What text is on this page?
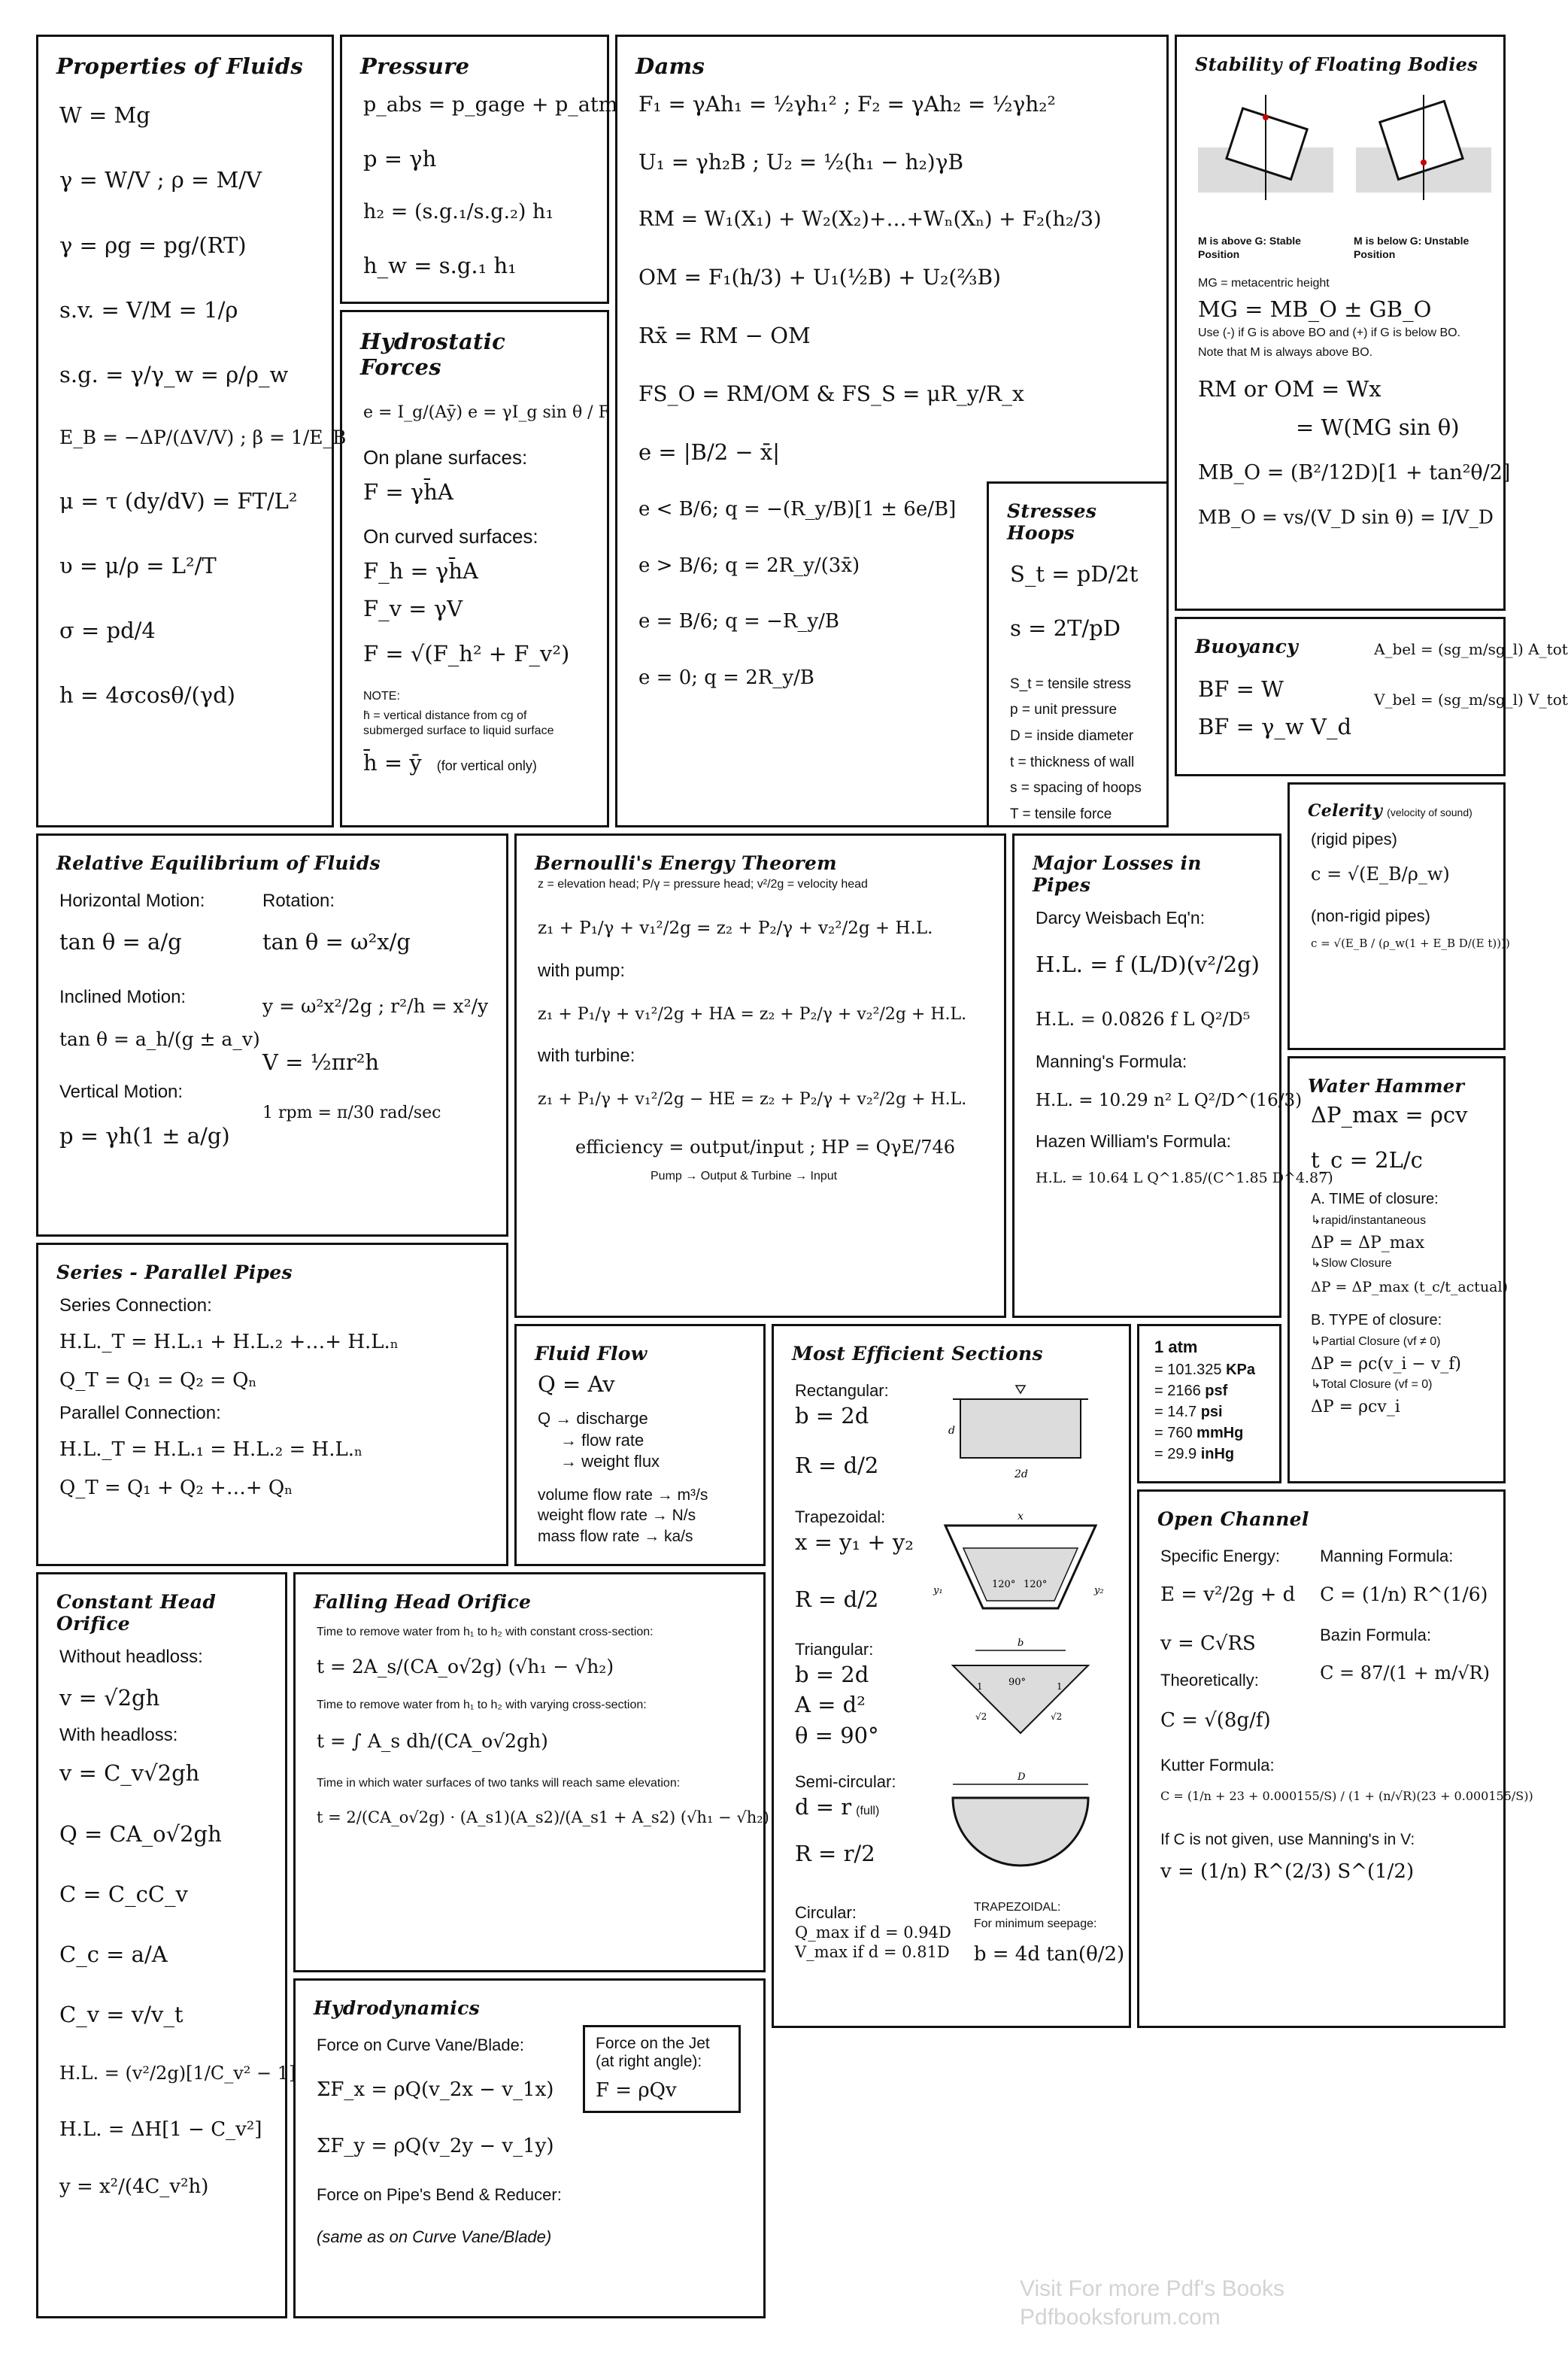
Properties of Fluids
W = Mg
γ = W/V ; ρ = M/V
γ = ρg = pg/(RT)
s.v. = V/M = 1/ρ
s.g. = γ/γ_w = ρ/ρ_w
E_B = −ΔP/(ΔV/V) ; β = 1/E_B
μ = τ (dy/dV) = FT/L²
υ = μ/ρ = L²/T
σ = pd/4
h = 4σcosθ/(γd)
Pressure
p_abs = p_gage + p_atm
p = γh
h₂ = (s.g.₁/s.g.₂) h₁
h_w = s.g.₁ h₁
Hydrostatic Forces
e = I_g/(Aȳ) e = γI_g sin θ / F
On plane surfaces:
F = γh̄A
On curved surfaces:
F_h = γh̄A
F_v = γV
F = √(F_h² + F_v²)
NOTE:
h̄ = vertical distance from cg of submerged surface to liquid surface
h̄ = ȳ (for vertical only)
Dams
F₁ = γAh₁ = ½γh₁² ; F₂ = γAh₂ = ½γh₂²
U₁ = γh₂B ; U₂ = ½(h₁ − h₂)γB
RM = W₁(X₁) + W₂(X₂)+…+Wₙ(Xₙ) + F₂(h₂/3)
OM = F₁(h/3) + U₁(½B) + U₂(⅔B)
Rx̄ = RM − OM
FS_O = RM/OM & FS_S = μR_y/R_x
e = |B/2 − x̄|
e < B/6; q = −(R_y/B)[1 ± 6e/B]
e > B/6; q = 2R_y/(3x̄)
e = B/6; q = −R_y/B
e = 0; q = 2R_y/B
Stresses Hoops
S_t = pD/2t
s = 2T/pD
S_t = tensile stress
p = unit pressure
D = inside diameter
t = thickness of wall
s = spacing of hoops
T = tensile force
Stability of Floating Bodies
M is above G: Stable Position
M is below G: Unstable Position
MG = metacentric height
MG = MB_O ± GB_O
Use (-) if G is above BO and (+) if G is below BO.
Note that M is always above BO.
RM or OM = Wx
= W(MG sin θ)
MB_O = (B²/12D)[1 + tan²θ/2]
MB_O = vs/(V_D sin θ) = I/V_D
Buoyancy
BF = W
BF = γ_w V_d
A_bel = (sg_m/sg_l) A_tot
V_bel = (sg_m/sg_l) V_tot
Celerity (velocity of sound)
(rigid pipes)
c = √(E_B/ρ_w)
(non-rigid pipes)
c = √(E_B / (ρ_w(1 + E_B D/(E t))))
Relative Equilibrium of Fluids
Horizontal Motion:
tan θ = a/g
Inclined Motion:
tan θ = a_h/(g ± a_v)
Vertical Motion:
p = γh(1 ± a/g)
Rotation:
tan θ = ω²x/g
y = ω²x²/2g ; r²/h = x²/y
V = ½πr²h
1 rpm = π/30 rad/sec
Bernoulli's Energy Theorem
z = elevation head; P/γ = pressure head; v²/2g = velocity head
z₁ + P₁/γ + v₁²/2g = z₂ + P₂/γ + v₂²/2g + H.L.
with pump:
z₁ + P₁/γ + v₁²/2g + HA = z₂ + P₂/γ + v₂²/2g + H.L.
with turbine:
z₁ + P₁/γ + v₁²/2g − HE = z₂ + P₂/γ + v₂²/2g + H.L.
efficiency = output/input ; HP = QγE/746
Pump → Output & Turbine → Input
Major Losses in Pipes
Darcy Weisbach Eq'n:
H.L. = f (L/D)(v²/2g)
H.L. = 0.0826 f L Q²/D⁵
Manning's Formula:
H.L. = 10.29 n² L Q²/D^(16/3)
Hazen William's Formula:
H.L. = 10.64 L Q^1.85/(C^1.85 D^4.87)
Water Hammer
ΔP_max = ρcv
t_c = 2L/c
A. TIME of closure:
↳rapid/instantaneous
ΔP = ΔP_max
↳Slow Closure
ΔP = ΔP_max (t_c/t_actual)
B. TYPE of closure:
↳Partial Closure (vf ≠ 0)
ΔP = ρc(v_i − v_f)
↳Total Closure (vf = 0)
ΔP = ρcv_i
Series - Parallel Pipes
Series Connection:
H.L._T = H.L.₁ + H.L.₂ +…+ H.L.ₙ
Q_T = Q₁ = Q₂ = Qₙ
Parallel Connection:
H.L._T = H.L.₁ = H.L.₂ = H.L.ₙ
Q_T = Q₁ + Q₂ +…+ Qₙ
Fluid Flow
Q = Av
Q → discharge
→ flow rate
→ weight flux
volume flow rate → m³/s
weight flow rate → N/s
mass flow rate → ka/s
Most Efficient Sections
Rectangular:
b = 2d
R = d/2
d
2d
Trapezoidal:
x = y₁ + y₂
R = d/2
x
120° 120°
y₁	y₂
Triangular:
b = 2d
A = d²
θ = 90°
b
90°
1	1
√2	√2
Semi-circular:
d = r (full)
R = r/2
D
Circular:
Q_max if d = 0.94D
V_max if d = 0.81D
TRAPEZOIDAL:
For minimum seepage:
b = 4d tan(θ/2)
1 atm
= 101.325 KPa
= 2166 psf
= 14.7 psi
= 760 mmHg
= 29.9 inHg
Open Channel
Specific Energy:
E = v²/2g + d
v = C√RS
Theoretically:
C = √(8g/f)
Manning Formula:
C = (1/n) R^(1/6)
Bazin Formula:
C = 87/(1 + m/√R)
Kutter Formula:
C = (1/n + 23 + 0.000155/S) / (1 + (n/√R)(23 + 0.000155/S))
If C is not given, use Manning's in V:
v = (1/n) R^(2/3) S^(1/2)
Constant Head Orifice
Without headloss:
v = √2gh
With headloss:
v = C_v√2gh
Q = CA_o√2gh
C = C_cC_v
C_c = a/A
C_v = v/v_t
H.L. = (v²/2g)[1/C_v² − 1]
H.L. = ΔH[1 − C_v²]
y = x²/(4C_v²h)
Falling Head Orifice
Time to remove water from h₁ to h₂ with constant cross-section:
t = 2A_s/(CA_o√2g) (√h₁ − √h₂)
Time to remove water from h₁ to h₂ with varying cross-section:
t = ∫ A_s dh/(CA_o√2gh)
Time in which water surfaces of two tanks will reach same elevation:
t = 2/(CA_o√2g) · (A_s1)(A_s2)/(A_s1 + A_s2) (√h₁ − √h₂)
Hydrodynamics
Force on Curve Vane/Blade:
ΣF_x = ρQ(v_2x − v_1x)
ΣF_y = ρQ(v_2y − v_1y)
Force on the Jet (at right angle):
F = ρQv
Force on Pipe's Bend & Reducer:
(same as on Curve Vane/Blade)
Visit For more Pdf's Books
Pdfbooksforum.com
